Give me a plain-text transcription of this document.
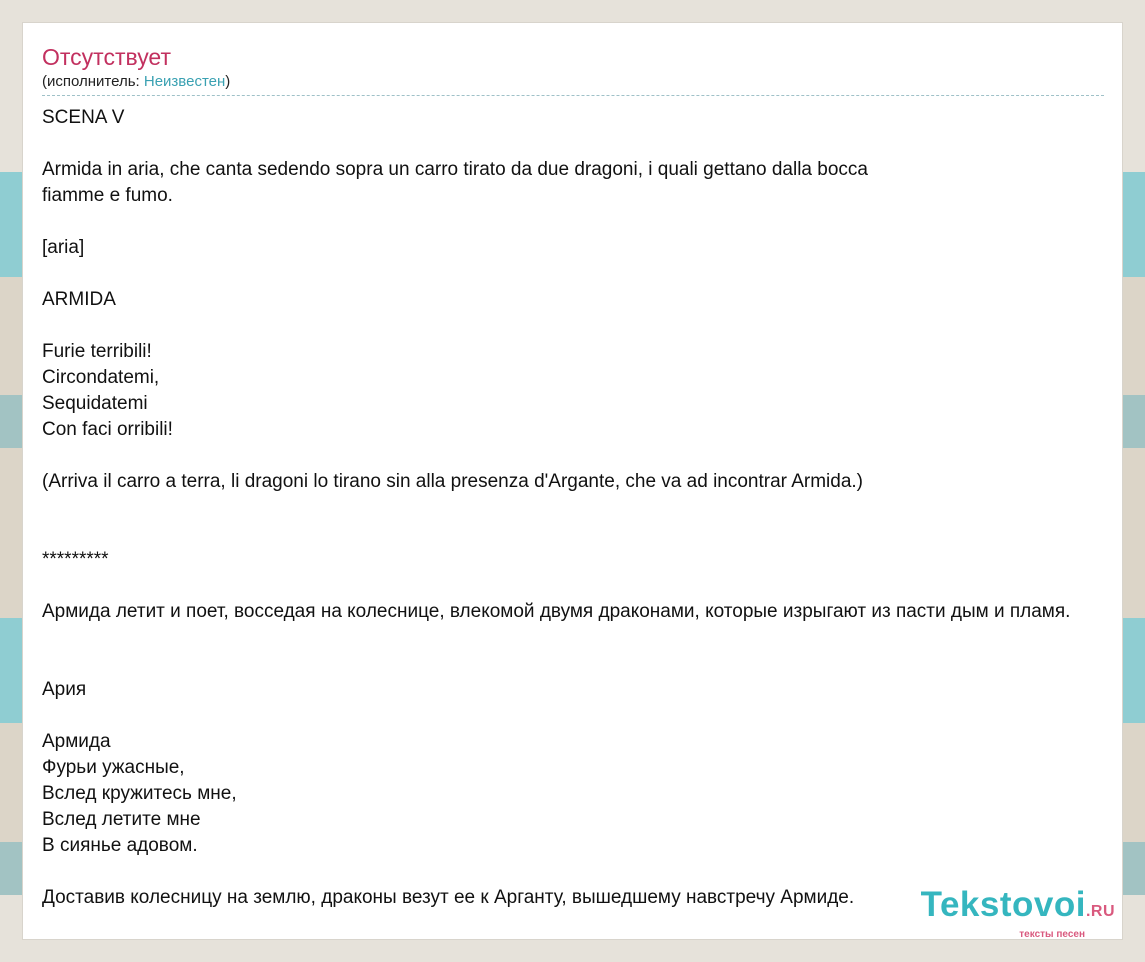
Отсутствует
(исполнитель: Неизвестен)
SCENA V

Armida in aria, che canta sedendo sopra un carro tirato da due dragoni, i quali gettano dalla bocca
fiamme e fumo.

[aria]

ARMIDA

Furie terribili!
Circondatemi,
Sequidatemi
Con faci orribili!

(Arriva il carro a terra, li dragoni lo tirano sin alla presenza d'Argante, che va ad incontrar Armida.)

*********

Армида летит и поет, восседая на колеснице, влекомой двумя драконами, которые изрыгают из пасти дым и пламя.

Ария

Армида
Фурьи ужасные,
Вслед кружитесь мне,
Вслед летите мне
В сиянье адовом.

Доставив колесницу на землю, драконы везут ее к Арганту, вышедшему навстречу Армиде.	Tekstovoi.RU
тексты песен
